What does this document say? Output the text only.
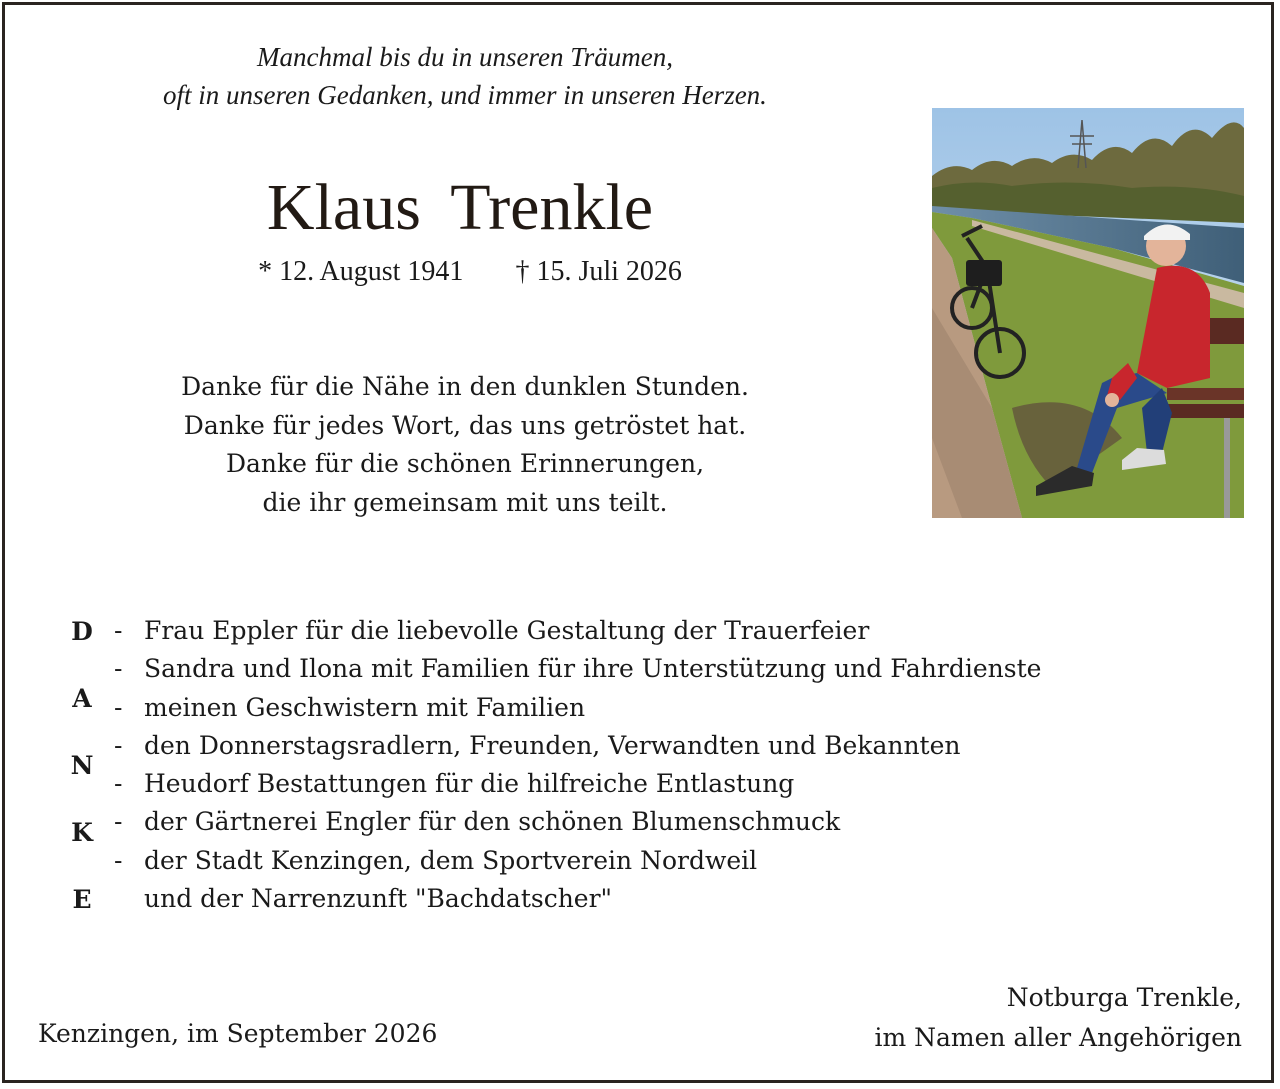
Manchmal bis du in unseren Träumen,
oft in unseren Gedanken, und immer in unseren Herzen.
Klaus Trenkle
* 12. August 1941 † 15. Juli 2026
Danke für die Nähe in den dunklen Stunden.
Danke für jedes Wort, das uns getröstet hat.
Danke für die schönen Erinnerungen,
die ihr gemeinsam mit uns teilt.
D
A
N
K
E
- Frau Eppler für die liebevolle Gestaltung der Trauerfeier
- Sandra und Ilona mit Familien für ihre Unterstützung und Fahrdienste
- meinen Geschwistern mit Familien
- den Donnerstagsradlern, Freunden, Verwandten und Bekannten
- Heudorf Bestattungen für die hilfreiche Entlastung
- der Gärtnerei Engler für den schönen Blumenschmuck
- der Stadt Kenzingen, dem Sportverein Nordweil
und der Narrenzunft "Bachdatscher"
Kenzingen, im September 2026
Notburga Trenkle,
im Namen aller Angehörigen
